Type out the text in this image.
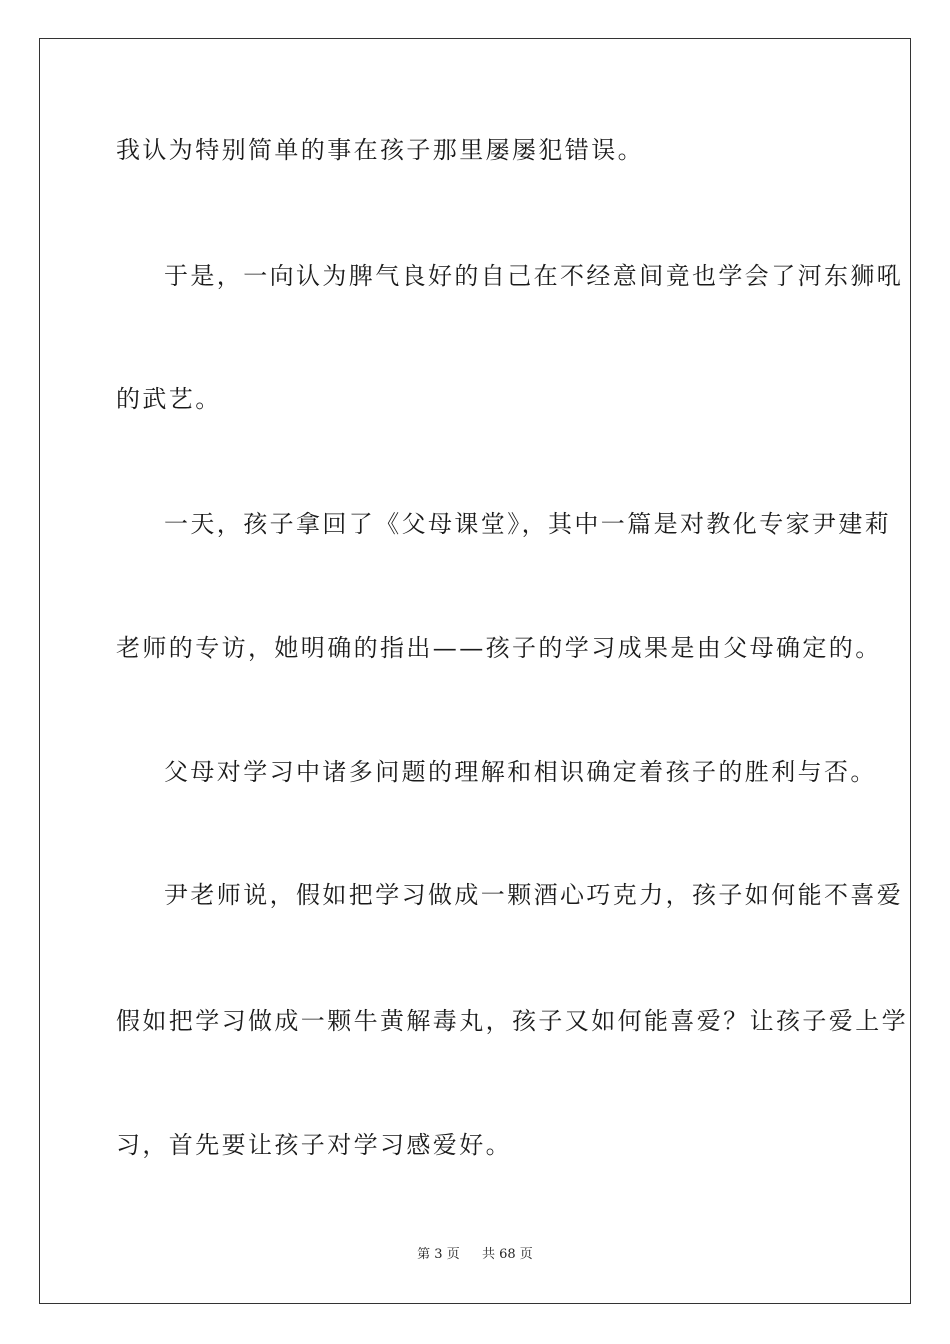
我认为特别简单的事在孩子那里屡屡犯错误。
于是，一向认为脾气良好的自己在不经意间竟也学会了河东狮吼
的武艺。
一天，孩子拿回了《父母课堂》，其中一篇是对教化专家尹建莉
老师的专访，她明确的指出——孩子的学习成果是由父母确定的。
父母对学习中诸多问题的理解和相识确定着孩子的胜利与否。
尹老师说，假如把学习做成一颗酒心巧克力，孩子如何能不喜爱
假如把学习做成一颗牛黄解毒丸，孩子又如何能喜爱？让孩子爱上学
习，首先要让孩子对学习感爱好。
第 3 页 共 68 页
